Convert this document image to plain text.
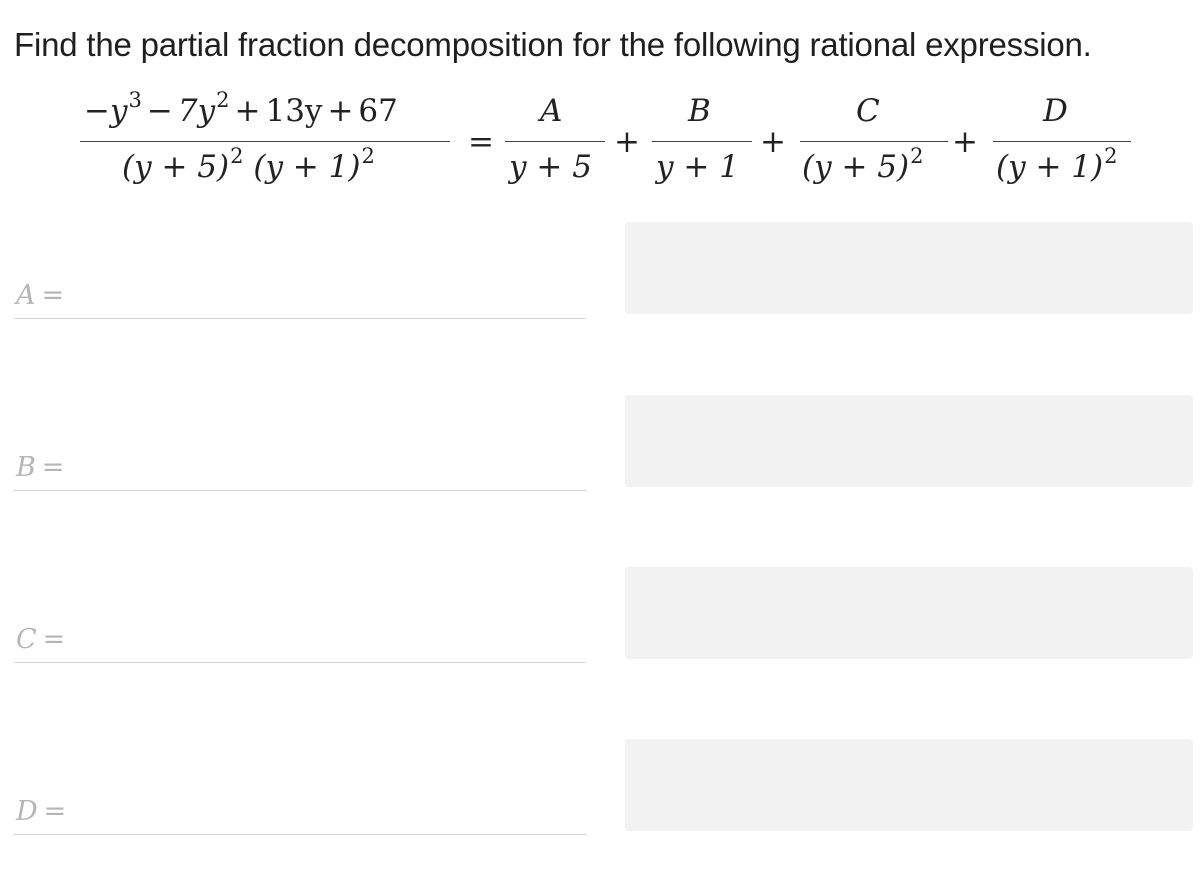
Find the partial fraction decomposition for the following rational expression.
$-y^3 - 7y^2 + 13y + 67$
$(y + 5)^2$ $(y + 1)^2$	=
A
y + 5
+
B
y + 1
+
C
$(y + 5)^2$ +
D
$(y + 1)^2$
A =
B =
C =
D =
